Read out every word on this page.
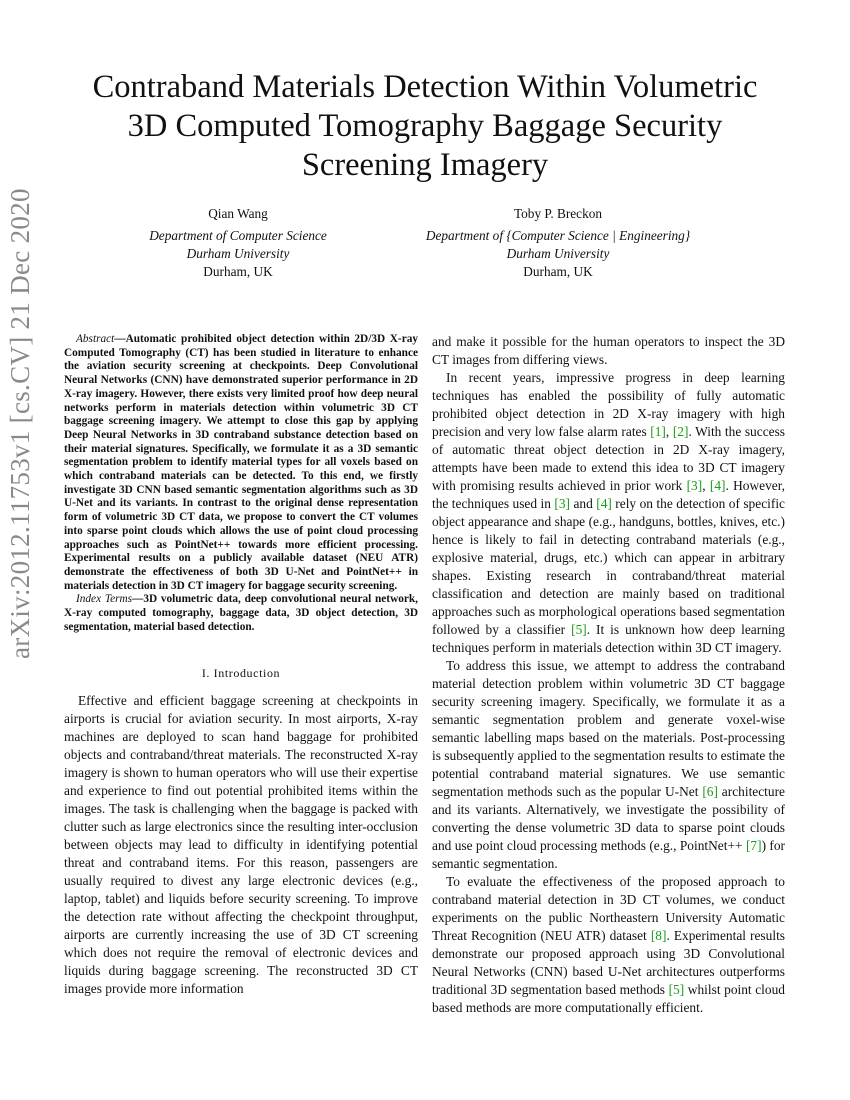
arXiv:2012.11753v1 [cs.CV] 21 Dec 2020
Contraband Materials Detection Within Volumetric
3D Computed Tomography Baggage Security
Screening Imagery
Qian Wang
Department of Computer Science
Durham University
Durham, UK
Toby P. Breckon
Department of {Computer Science | Engineering}
Durham University
Durham, UK

Abstract—Automatic prohibited object detection within 2D/3D X-ray Computed Tomography (CT) has been studied in literature to enhance the aviation security screening at checkpoints. Deep Convolutional Neural Networks (CNN) have demonstrated superior performance in 2D X-ray imagery. However, there exists very limited proof how deep neural networks perform in materials detection within volumetric 3D CT baggage screening imagery. We attempt to close this gap by applying Deep Neural Networks in 3D contraband substance detection based on their material signatures. Specifically, we formulate it as a 3D semantic segmentation problem to identify material types for all voxels based on which contraband materials can be detected. To this end, we firstly investigate 3D CNN based semantic segmentation algorithms such as 3D U-Net and its variants. In contrast to the original dense representation form of volumetric 3D CT data, we propose to convert the CT volumes into sparse point clouds which allows the use of point cloud processing approaches such as PointNet++ towards more efficient processing. Experimental results on a publicly available dataset (NEU ATR) demonstrate the effectiveness of both 3D U-Net and PointNet++ in materials detection in 3D CT imagery for baggage security screening.

Index Terms—3D volumetric data, deep convolutional neural network, X-ray computed tomography, baggage data, 3D object detection, 3D segmentation, material based detection.

I. Introduction

Effective and efficient baggage screening at checkpoints in airports is crucial for aviation security. In most airports, X-ray machines are deployed to scan hand baggage for prohibited objects and contraband/threat materials. The reconstructed X-ray imagery is shown to human operators who will use their expertise and experience to find out potential prohibited items within the images. The task is challenging when the baggage is packed with clutter such as large electronics since the resulting inter-occlusion between objects may lead to difficulty in identifying potential threat and contraband items. For this reason, passengers are usually required to divest any large electronic devices (e.g., laptop, tablet) and liquids before security screening. To improve the detection rate without affecting the checkpoint throughput, airports are currently increasing the use of 3D CT screening which does not require the removal of electronic devices and liquids during baggage screening. The reconstructed 3D CT images provide more information

and make it possible for the human operators to inspect the 3D CT images from differing views.

In recent years, impressive progress in deep learning techniques has enabled the possibility of fully automatic prohibited object detection in 2D X-ray imagery with high precision and very low false alarm rates [1], [2]. With the success of automatic threat object detection in 2D X-ray imagery, attempts have been made to extend this idea to 3D CT imagery with promising results achieved in prior work [3], [4]. However, the techniques used in [3] and [4] rely on the detection of specific object appearance and shape (e.g., handguns, bottles, knives, etc.) hence is likely to fail in detecting contraband materials (e.g., explosive material, drugs, etc.) which can appear in arbitrary shapes. Existing research in contraband/threat material classification and detection are mainly based on traditional approaches such as morphological operations based segmentation followed by a classifier [5]. It is unknown how deep learning techniques perform in materials detection within 3D CT imagery.

To address this issue, we attempt to address the contraband material detection problem within volumetric 3D CT baggage security screening imagery. Specifically, we formulate it as a semantic segmentation problem and generate voxel-wise semantic labelling maps based on the materials. Post-processing is subsequently applied to the segmentation results to estimate the potential contraband material signatures. We use semantic segmentation methods such as the popular U-Net [6] architecture and its variants. Alternatively, we investigate the possibility of converting the dense volumetric 3D data to sparse point clouds and use point cloud processing methods (e.g., PointNet++ [7]) for semantic segmentation.

To evaluate the effectiveness of the proposed approach to contraband material detection in 3D CT volumes, we conduct experiments on the public Northeastern University Automatic Threat Recognition (NEU ATR) dataset [8]. Experimental results demonstrate our proposed approach using 3D Convolutional Neural Networks (CNN) based U-Net architectures outperforms traditional 3D segmentation based methods [5] whilst point cloud based methods are more computationally efficient.
